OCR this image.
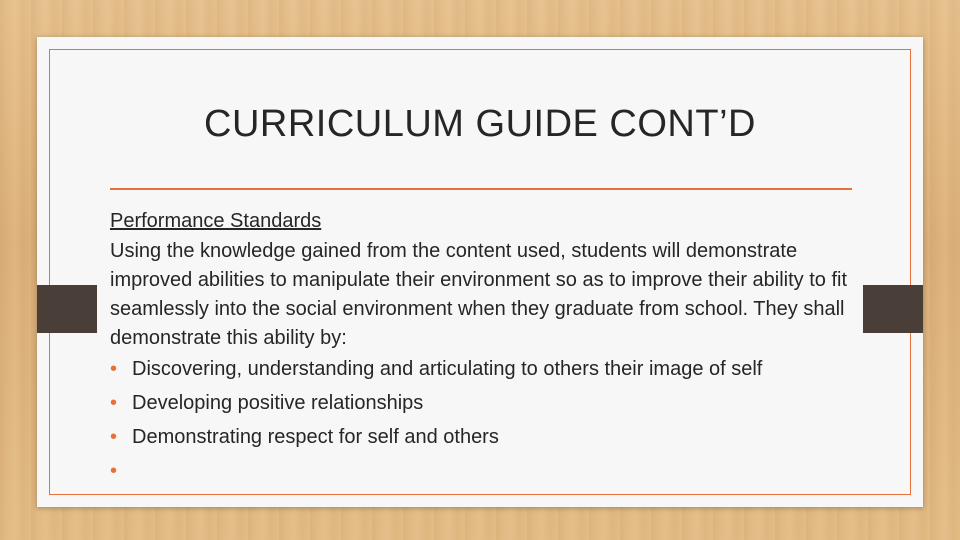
CURRICULUM GUIDE CONT’D
Performance Standards
Using the knowledge gained from the content used, students will demonstrate improved abilities to manipulate their environment so as to improve their ability to fit seamlessly into the social environment when they graduate from school. They shall demonstrate this ability by:
• Discovering, understanding and articulating to others their image of self
• Developing positive relationships
• Demonstrating respect for self and others
•
